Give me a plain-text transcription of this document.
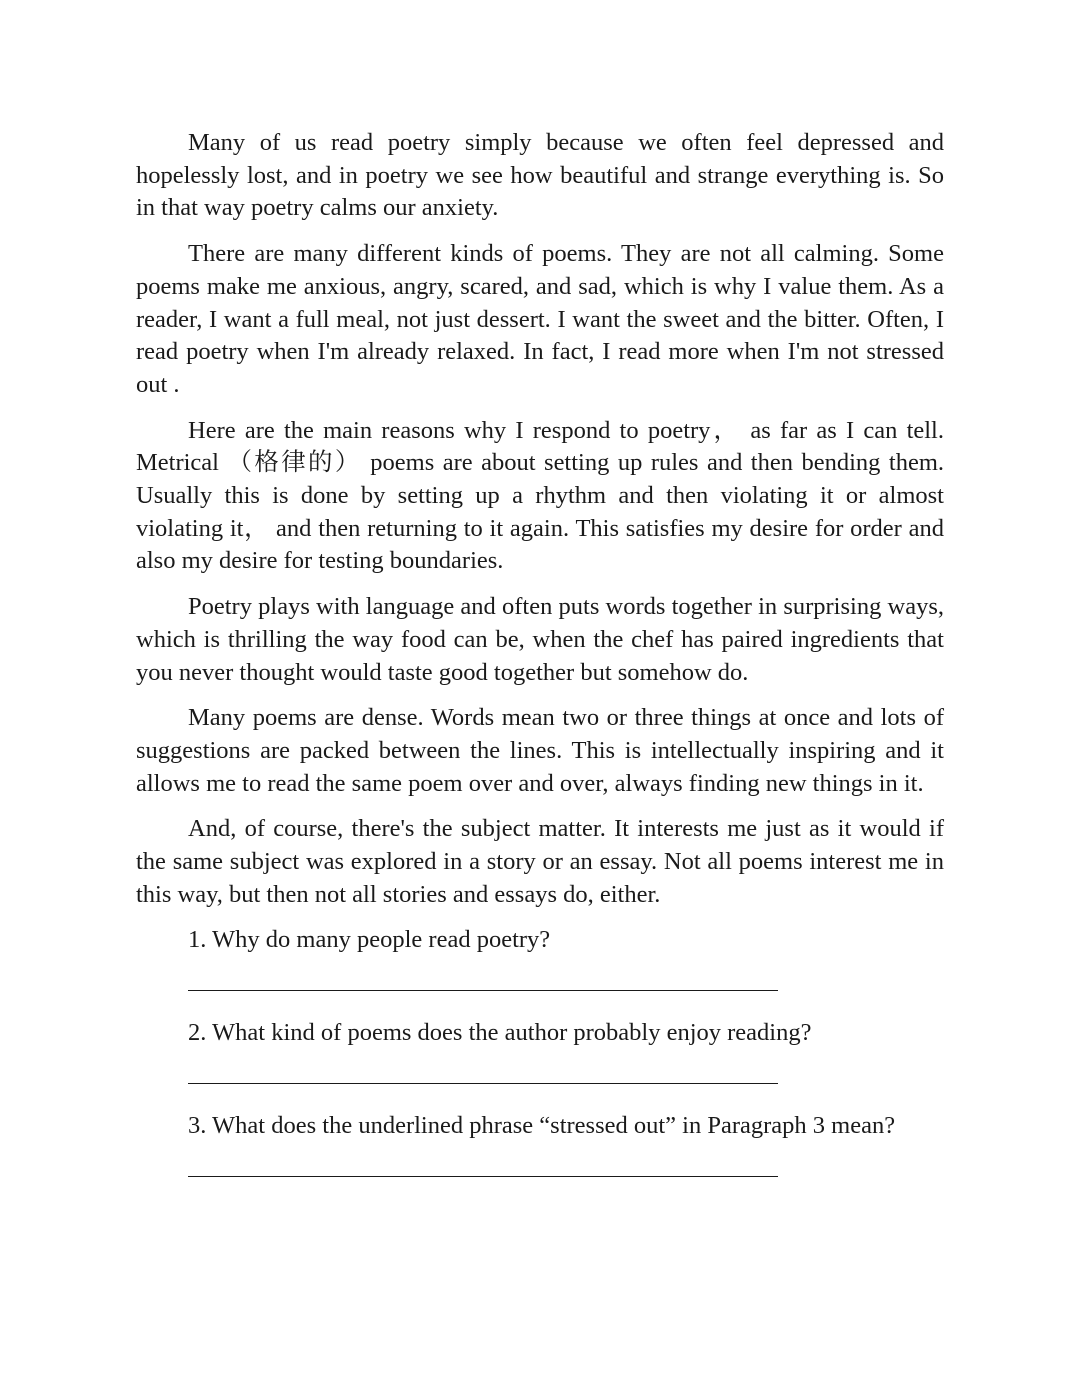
Many of us read poetry simply because we often feel depressed and hopelessly lost, and in poetry we see how beautiful and strange everything is. So in that way poetry calms our anxiety.

There are many different kinds of poems. They are not all calming. Some poems make me anxious, angry, scared, and sad, which is why I value them. As a reader, I want a full meal, not just dessert. I want the sweet and the bitter. Often, I read poetry when I'm already relaxed. In fact, I read more when I'm not stressed out .

Here are the main reasons why I respond to poetry， as far as I can tell. Metrical （格律的） poems are about setting up rules and then bending them. Usually this is done by setting up a rhythm and then violating it or almost violating it， and then returning to it again. This satisfies my desire for order and also my desire for testing boundaries.

Poetry plays with language and often puts words together in surprising ways, which is thrilling the way food can be, when the chef has paired ingredients that you never thought would taste good together but somehow do.

Many poems are dense. Words mean two or three things at once and lots of suggestions are packed between the lines. This is intellectually inspiring and it allows me to read the same poem over and over, always finding new things in it.

And, of course, there's the subject matter. It interests me just as it would if the same subject was explored in a story or an essay. Not all poems interest me in this way, but then not all stories and essays do, either.

1. Why do many people read poetry?

2. What kind of poems does the author probably enjoy reading?

3. What does the underlined phrase “stressed out” in Paragraph 3 mean?
